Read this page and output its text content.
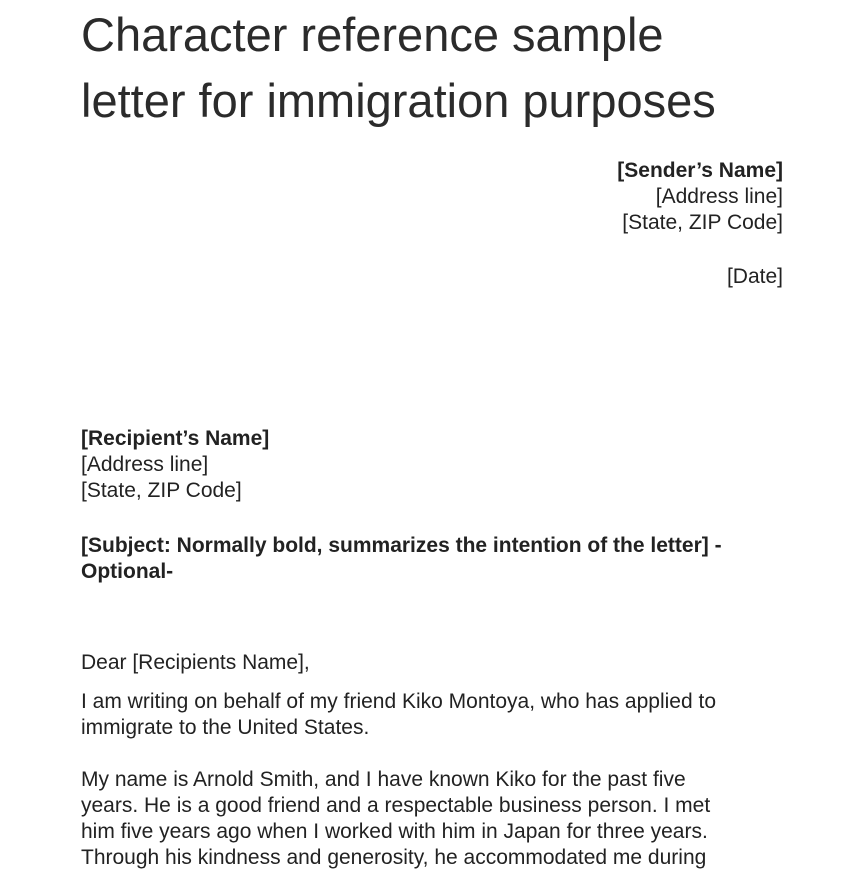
Character reference sample
letter for immigration purposes
[Sender’s Name]
[Address line]
[State, ZIP Code]
[Date]
[Recipient’s Name]
[Address line]
[State, ZIP Code]

[Subject: Normally bold, summarizes the intention of the letter] -
Optional-

Dear [Recipients Name],

I am writing on behalf of my friend Kiko Montoya, who has applied to
immigrate to the United States.

My name is Arnold Smith, and I have known Kiko for the past five
years. He is a good friend and a respectable business person. I met
him five years ago when I worked with him in Japan for three years.
Through his kindness and generosity, he accommodated me during
